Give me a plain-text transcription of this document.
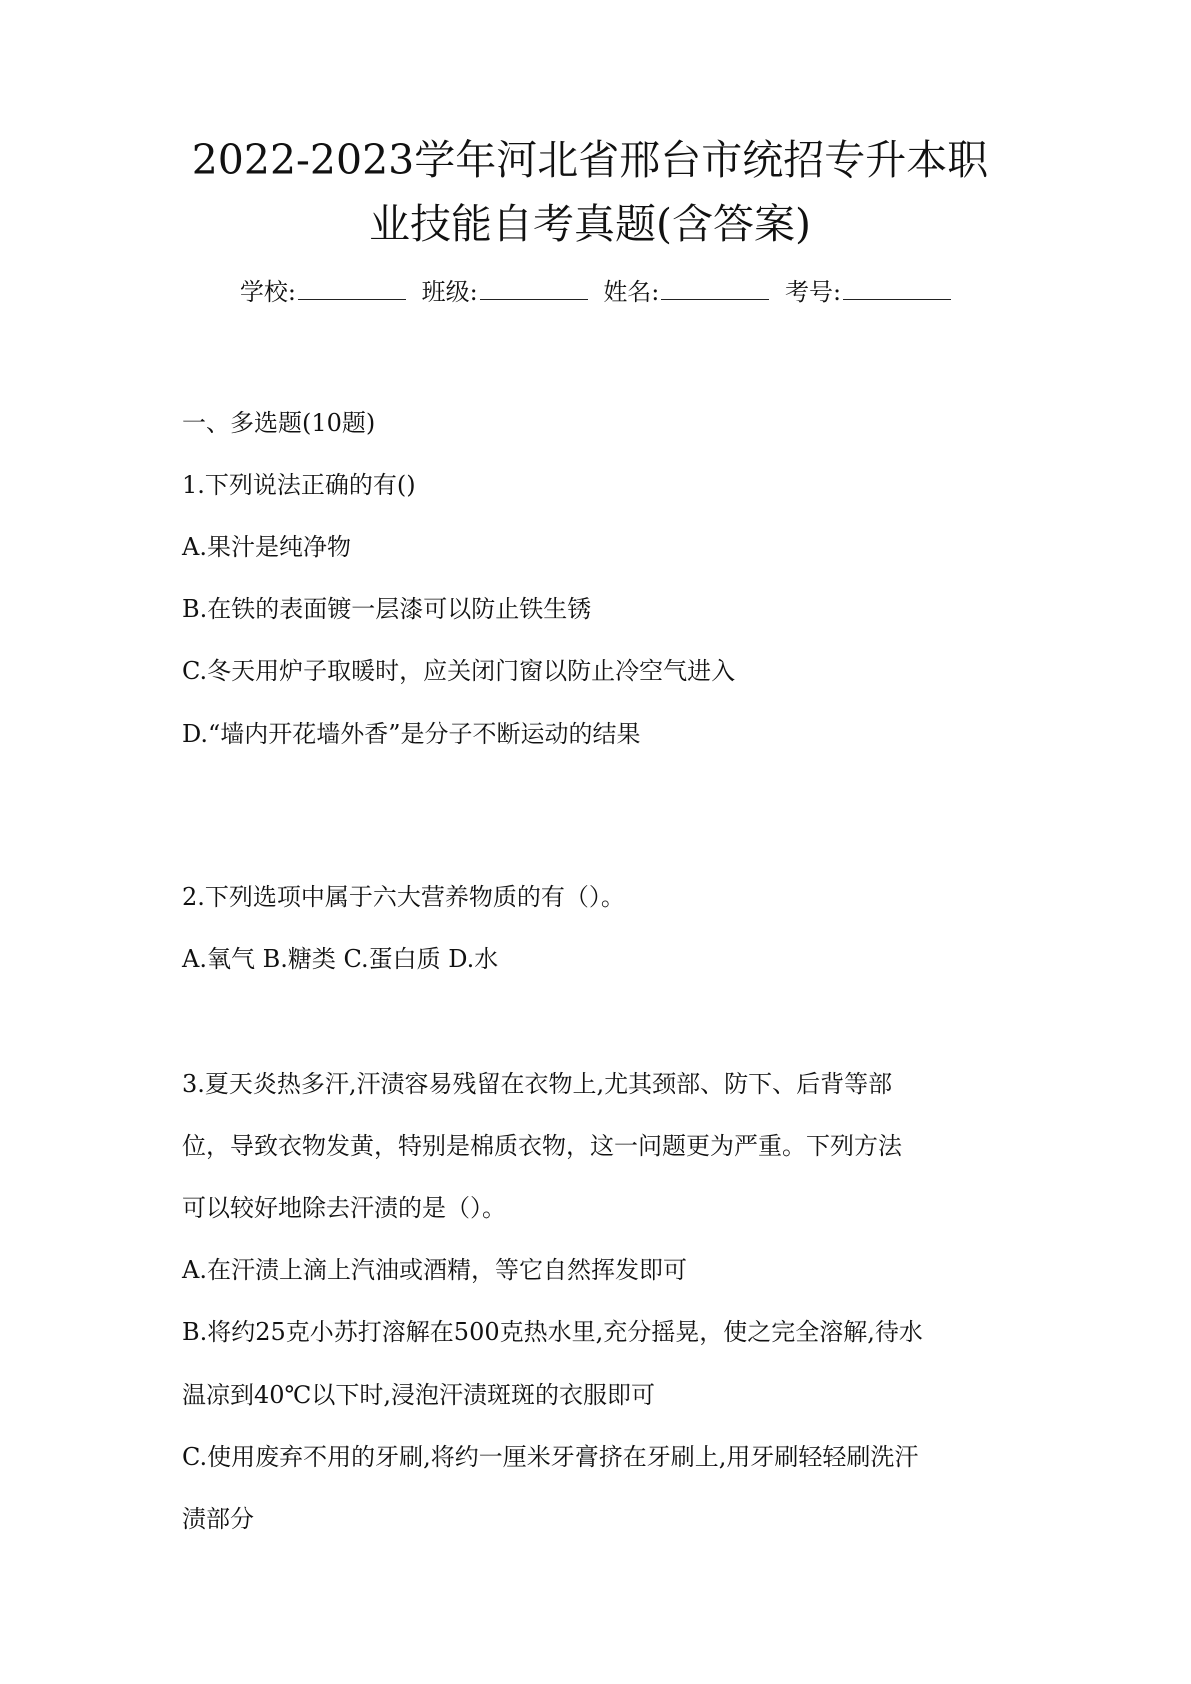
2022-2023学年河北省邢台市统招专升本职
业技能自考真题(含答案)
学校:	班级:	姓名:	考号:
一、多选题(10题)
1.下列说法正确的有()
A.果汁是纯净物
B.在铁的表面镀一层漆可以防止铁生锈
C.冬天用炉子取暖时，应关闭门窗以防止冷空气进入
D.“墙内开花墙外香”是分子不断运动的结果
2.下列选项中属于六大营养物质的有（）。
A.氧气 B.糖类 C.蛋白质 D.水
3.夏天炎热多汗,汗渍容易残留在衣物上,尤其颈部、防下、后背等部
位，导致衣物发黄，特别是棉质衣物，这一问题更为严重。下列方法
可以较好地除去汗渍的是（）。
A.在汗渍上滴上汽油或酒精，等它自然挥发即可
B.将约25克小苏打溶解在500克热水里,充分摇晃，使之完全溶解,待水
温凉到40℃以下时,浸泡汗渍斑斑的衣服即可
C.使用废弃不用的牙刷,将约一厘米牙膏挤在牙刷上,用牙刷轻轻刷洗汗
渍部分
